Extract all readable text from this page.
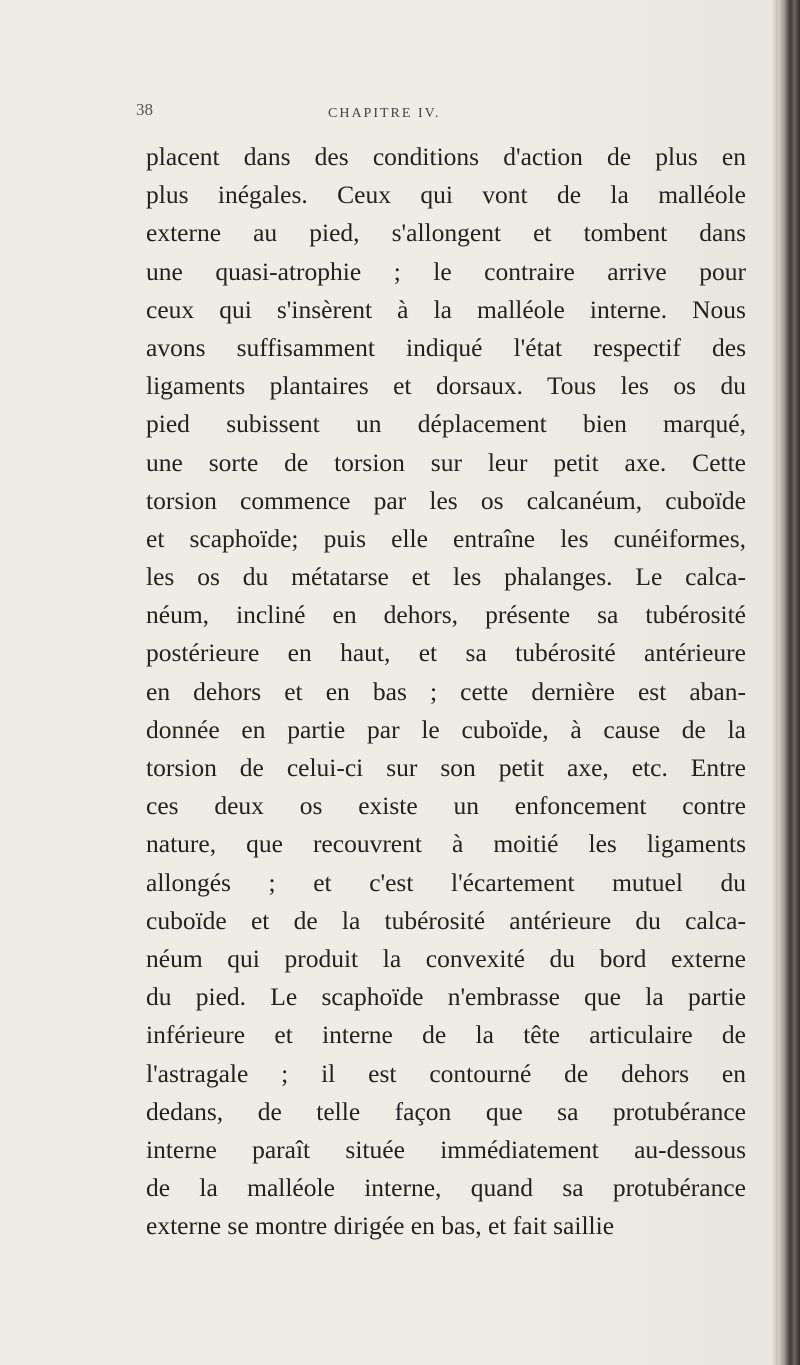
38	CHAPITRE IV.
placent dans des conditions d'action de plus en
plus inégales. Ceux qui vont de la malléole
externe au pied, s'allongent et tombent dans
une quasi-atrophie ; le contraire arrive pour
ceux qui s'insèrent à la malléole interne. Nous
avons suffisamment indiqué l'état respectif des
ligaments plantaires et dorsaux. Tous les os du
pied subissent un déplacement bien marqué,
une sorte de torsion sur leur petit axe. Cette
torsion commence par les os calcanéum, cuboïde
et scaphoïde; puis elle entraîne les cunéiformes,
les os du métatarse et les phalanges. Le calca-
néum, incliné en dehors, présente sa tubérosité
postérieure en haut, et sa tubérosité antérieure
en dehors et en bas ; cette dernière est aban-
donnée en partie par le cuboïde, à cause de la
torsion de celui-ci sur son petit axe, etc. Entre
ces deux os existe un enfoncement contre
nature, que recouvrent à moitié les ligaments
allongés ; et c'est l'écartement mutuel du
cuboïde et de la tubérosité antérieure du calca-
néum qui produit la convexité du bord externe
du pied. Le scaphoïde n'embrasse que la partie
inférieure et interne de la tête articulaire de
l'astragale ; il est contourné de dehors en
dedans, de telle façon que sa protubérance
interne paraît située immédiatement au-dessous
de la malléole interne, quand sa protubérance
externe se montre dirigée en bas, et fait saillie
